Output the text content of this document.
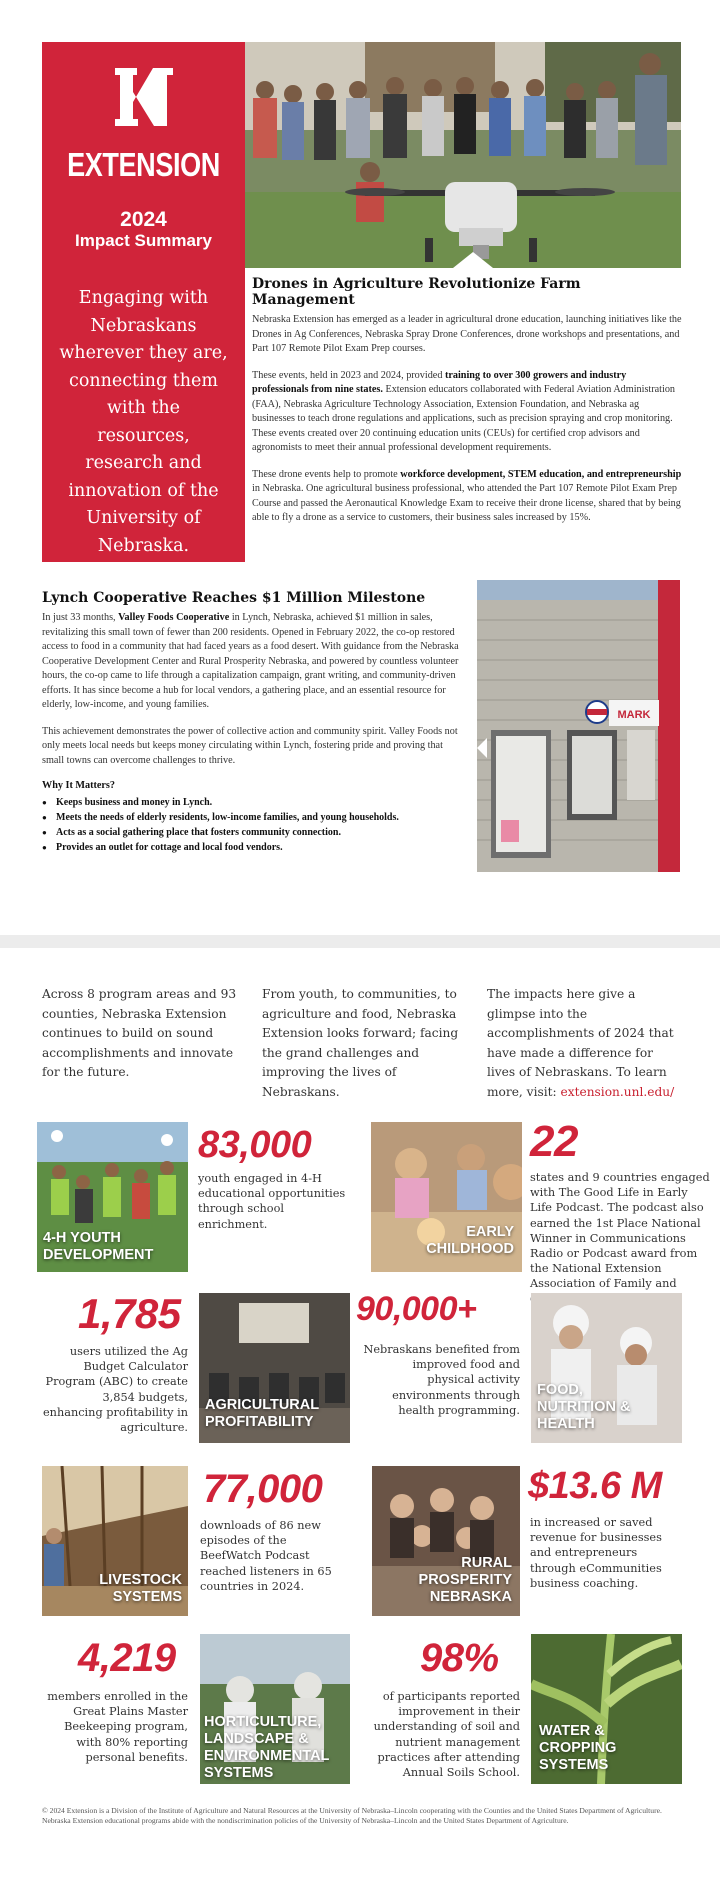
EXTENSION
2024
Impact Summary
Engaging with Nebraskans wherever they are, connecting them with the resources, research and innovation of the University of Nebraska.
Drones in Agriculture Revolutionize Farm Management

Nebraska Extension has emerged as a leader in agricultural drone education, launching initiatives like the Drones in Ag Conferences, Nebraska Spray Drone Conferences, drone workshops and presentations, and Part 107 Remote Pilot Exam Prep courses.

These events, held in 2023 and 2024, provided training to over 300 growers and industry professionals from nine states. Extension educators collaborated with Federal Aviation Administration (FAA), Nebraska Agriculture Technology Association, Extension Foundation, and Nebraska ag businesses to teach drone regulations and applications, such as precision spraying and crop monitoring. These events created over 20 continuing education units (CEUs) for certified crop advisors and agronomists to meet their annual professional development requirements.

These drone events help to promote workforce development, STEM education, and entrepreneurship in Nebraska. One agricultural business professional, who attended the Part 107 Remote Pilot Exam Prep Course and passed the Aeronautical Knowledge Exam to receive their drone license, shared that by being able to fly a drone as a service to customers, their business sales increased by 15%.

Lynch Cooperative Reaches $1 Million Milestone

In just 33 months, Valley Foods Cooperative in Lynch, Nebraska, achieved $1 million in sales, revitalizing this small town of fewer than 200 residents. Opened in February 2022, the co-op restored access to food in a community that had faced years as a food desert. With guidance from the Nebraska Cooperative Development Center and Rural Prosperity Nebraska, and powered by countless volunteer hours, the co-op came to life through a capitalization campaign, grant writing, and community-driven efforts. It has since become a hub for local vendors, a gathering place, and an essential resource for elderly, low-income, and young families.

This achievement demonstrates the power of collective action and community spirit. Valley Foods not only meets local needs but keeps money circulating within Lynch, fostering pride and proving that small towns can overcome challenges to thrive.

Why It Matters?
● Keeps business and money in Lynch.
● Meets the needs of elderly residents, low-income families, and young households.
● Acts as a social gathering place that fosters community connection.
● Provides an outlet for cottage and local food vendors.
MARK
Across 8 program areas and 93 counties, Nebraska Extension continues to build on sound accomplishments and innovate for the future.
From youth, to communities, to agriculture and food, Nebraska Extension looks forward; facing the grand challenges and improving the lives of Nebraskans.
The impacts here give a glimpse into the accomplishments of 2024 that have made a difference for lives of Nebraskans. To learn more, visit: extension.unl.edu/
4-H YOUTH
DEVELOPMENT
83,000
youth engaged in 4-H educational opportunities through school enrichment.	EARLY
CHILDHOOD
22
states and 9 countries engaged with The Good Life in Early Life Podcast. The podcast also earned the 1st Place National Winner in Communications Radio or Podcast award from the National Extension Association of Family and
1,785
users utilized the Ag Budget Calculator Program (ABC) to create 3,854 budgets, enhancing profitability in agriculture.
AGRICULTURAL
PROFITABILITY
90,000+
Nebraskans benefited from improved food and physical activity environments through health programming.
FOOD,
NUTRITION &
HEALTH
LIVESTOCK
SYSTEMS
77,000
downloads of 86 new episodes of the BeefWatch Podcast reached listeners in 65 countries in 2024.
RURAL
PROSPERITY
NEBRASKA
$13.6 M
in increased or saved revenue for businesses and entrepreneurs through eCommunities business coaching.
4,219
members enrolled in the Great Plains Master Beekeeping program, with 80% reporting personal benefits.
HORTICULTURE,
LANDSCAPE &
ENVIRONMENTAL
SYSTEMS
98%
of participants reported improvement in their understanding of soil and nutrient management practices after attending Annual Soils School.
WATER &
CROPPING
SYSTEMS
© 2024 Extension is a Division of the Institute of Agriculture and Natural Resources at the University of Nebraska–Lincoln cooperating with the Counties and the United States Department of Agriculture. Nebraska Extension educational programs abide with the nondiscrimination policies of the University of Nebraska–Lincoln and the United States Department of Agriculture.
